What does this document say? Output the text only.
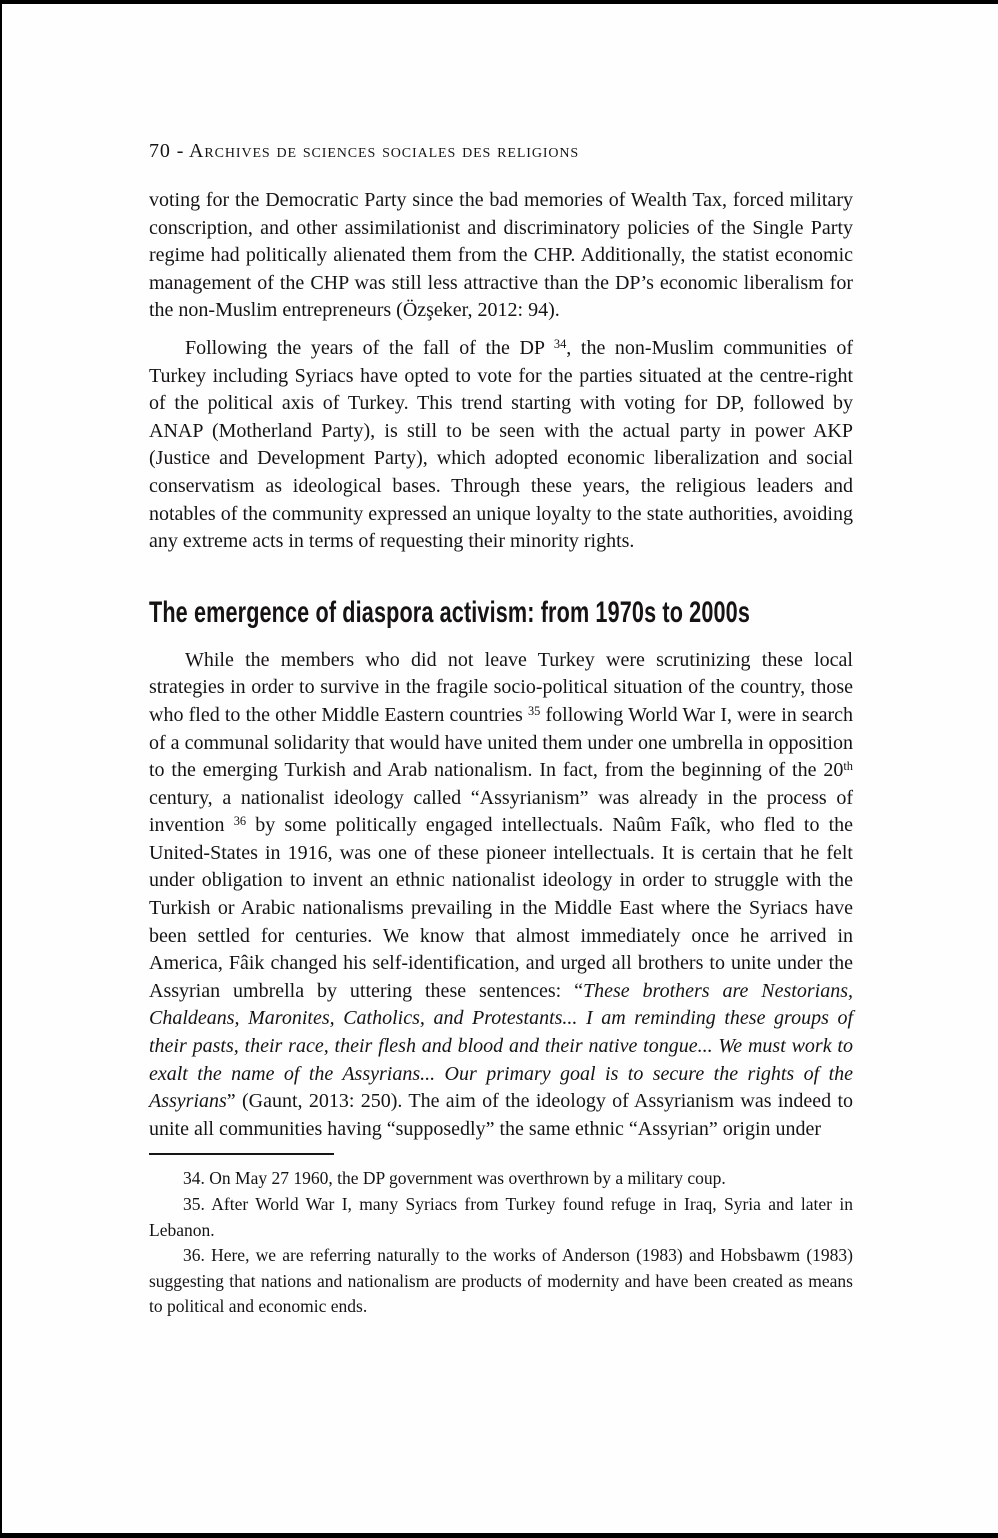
70 - Archives de sciences sociales des religions

voting for the Democratic Party since the bad memories of Wealth Tax, forced military conscription, and other assimilationist and discriminatory policies of the Single Party regime had politically alienated them from the CHP. Additionally, the statist economic management of the CHP was still less attractive than the DP’s economic liberalism for the non-Muslim entrepreneurs (Özşeker, 2012: 94).

Following the years of the fall of the DP $^{34}$, the non-Muslim communities of Turkey including Syriacs have opted to vote for the parties situated at the centre-right of the political axis of Turkey. This trend starting with voting for DP, followed by ANAP (Motherland Party), is still to be seen with the actual party in power AKP (Justice and Development Party), which adopted economic liberalization and social conservatism as ideological bases. Through these years, the religious leaders and notables of the community expressed an unique loyalty to the state authorities, avoiding any extreme acts in terms of requesting their minority rights.

The emergence of diaspora activism: from 1970s to 2000s

While the members who did not leave Turkey were scrutinizing these local strategies in order to survive in the fragile socio-political situation of the country, those who fled to the other Middle Eastern countries $^{35}$ following World War I, were in search of a communal solidarity that would have united them under one umbrella in opposition to the emerging Turkish and Arab nationalism. In fact, from the beginning of the 20th century, a nationalist ideology called “Assyrianism” was already in the process of invention $^{36}$ by some politically engaged intellectuals. Naûm Faîk, who fled to the United-States in 1916, was one of these pioneer intellectuals. It is certain that he felt under obligation to invent an ethnic nationalist ideology in order to struggle with the Turkish or Arabic nationalisms prevailing in the Middle East where the Syriacs have been settled for centuries. We know that almost immediately once he arrived in America, Fâik changed his self-identification, and urged all brothers to unite under the Assyrian umbrella by uttering these sentences: “These brothers are Nestorians, Chaldeans, Maronites, Catholics, and Protestants... I am reminding these groups of their pasts, their race, their flesh and blood and their native tongue... We must work to exalt the name of the Assyrians... Our primary goal is to secure the rights of the Assyrians” (Gaunt, 2013: 250). The aim of the ideology of Assyrianism was indeed to unite all communities having “supposedly” the same ethnic “Assyrian” origin under

34. On May 27 1960, the DP government was overthrown by a military coup.

35. After World War I, many Syriacs from Turkey found refuge in Iraq, Syria and later in Lebanon.

36. Here, we are referring naturally to the works of Anderson (1983) and Hobsbawm (1983) suggesting that nations and nationalism are products of modernity and have been created as means to political and economic ends.
